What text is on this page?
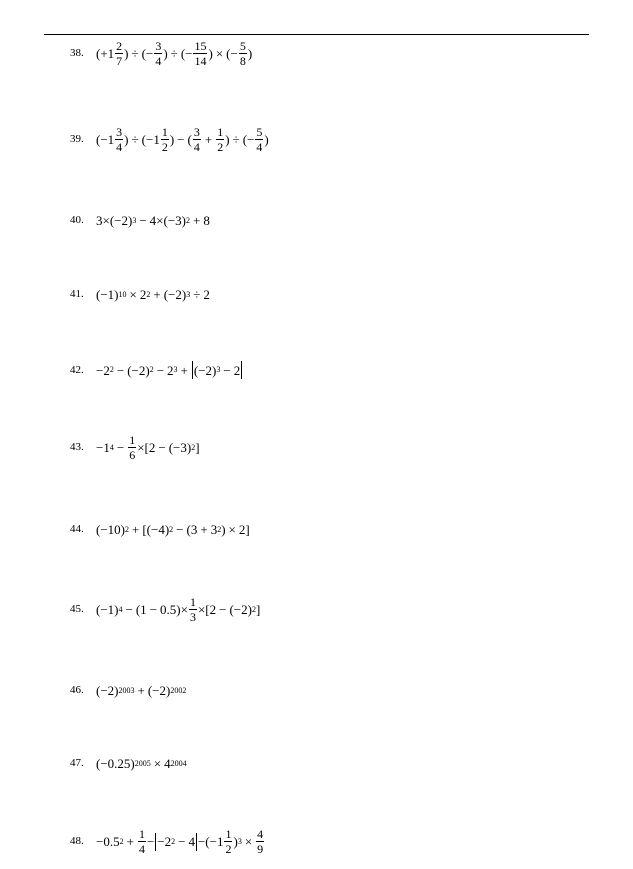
38. ($+1 \frac{2}{7}$ ) ÷ (− $\frac{3}{4}$ ) ÷ (− $\frac{15}{14}$ ) × (− $\frac{5}{8}$ )
39. ($-1 \frac{3}{4}$ ) ÷ ($-1 \frac{1}{2}$ ) − ( $\frac{3}{4} + \frac{1}{2}$ ) ÷ (− $\frac{5}{4}$ )
40. 3×(−2) 3 − 4×(−3) 2 + 8
41. (−1) 10 × 2 2 + (−2) 3 ÷ 2
42. −2 2 − (−2) 2 − 2 3 + (−2) 3 − 2
43. −1 $4 - \frac{1}{6} \times[2 - (-3)$ 2 ]
44. (−10) 2 + [(−4) 2 − (3 + 3 2 ) × 2]
45. (−1) $4 - (1 - 0.5)\times \frac{1}{3} \times[2 - (-2)$ 2 ]
46. (−2) 2003 + (−2) 2002
47. (−0.25) 2005 × 4 2004
48. −0.5 $2 + \frac{1}{4} - -2$ $2 - 4 -(-1 \frac{1}{2}$ ) $3 \times \frac{4}{9}$
